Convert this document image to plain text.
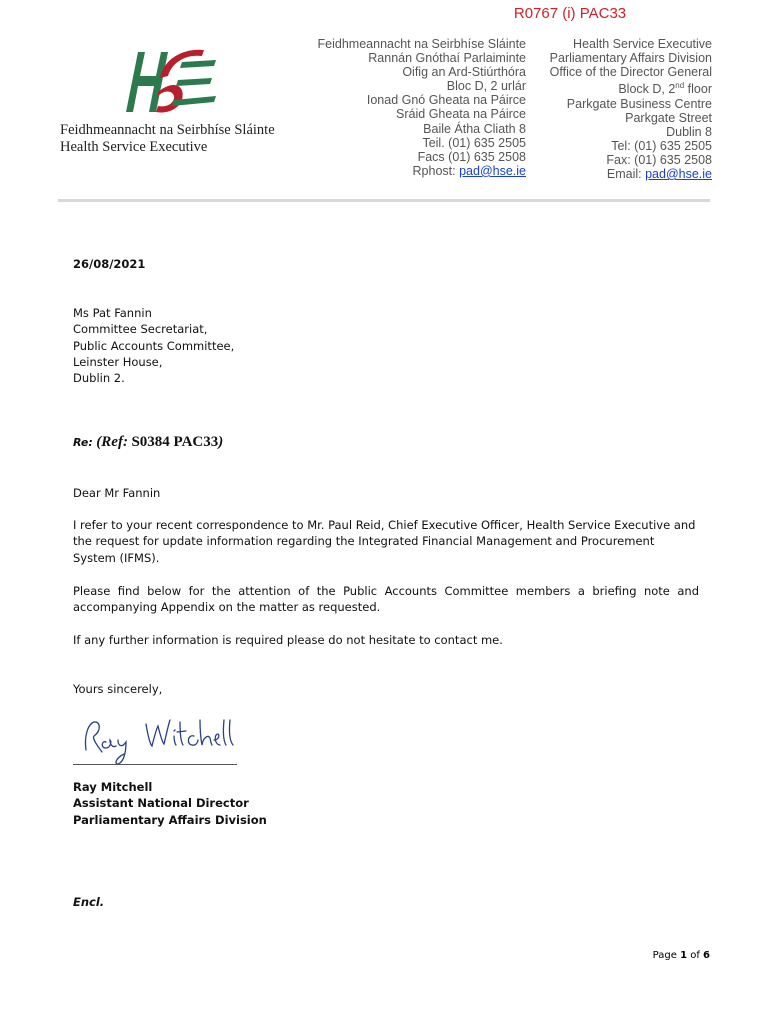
R0767 (i) PAC33
Feidhmeannacht na Seirbhíse Sláinte
Health Service Executive
Feidhmeannacht na Seirbhíse Sláinte
Rannán Gnóthaí Parlaiminte
Oifig an Ard-Stiúrthóra
Bloc D, 2 urlár
Ionad Gnó Gheata na Páirce
Sráid Gheata na Páirce
Baile Átha Cliath 8
Teil. (01) 635 2505
Facs (01) 635 2508
Rphost: pad@hse.ie
Health Service Executive
Parliamentary Affairs Division
Office of the Director General
Block D, 2nd floor
Parkgate Business Centre
Parkgate Street
Dublin 8
Tel: (01) 635 2505
Fax: (01) 635 2508
Email: pad@hse.ie
26/08/2021
Ms Pat Fannin
Committee Secretariat,
Public Accounts Committee,
Leinster House,
Dublin 2.
Re: (Ref: S0384 PAC33)
Dear Mr Fannin
I refer to your recent correspondence to Mr. Paul Reid, Chief Executive Officer, Health Service Executive and the request for update information regarding the Integrated Financial Management and Procurement System (IFMS).
Please find below for the attention of the Public Accounts Committee members a briefing note and accompanying Appendix on the matter as requested.
If any further information is required please do not hesitate to contact me.
Yours sincerely,
Ray Mitchell
Assistant National Director
Parliamentary Affairs Division
Encl.
Page 1 of 6
